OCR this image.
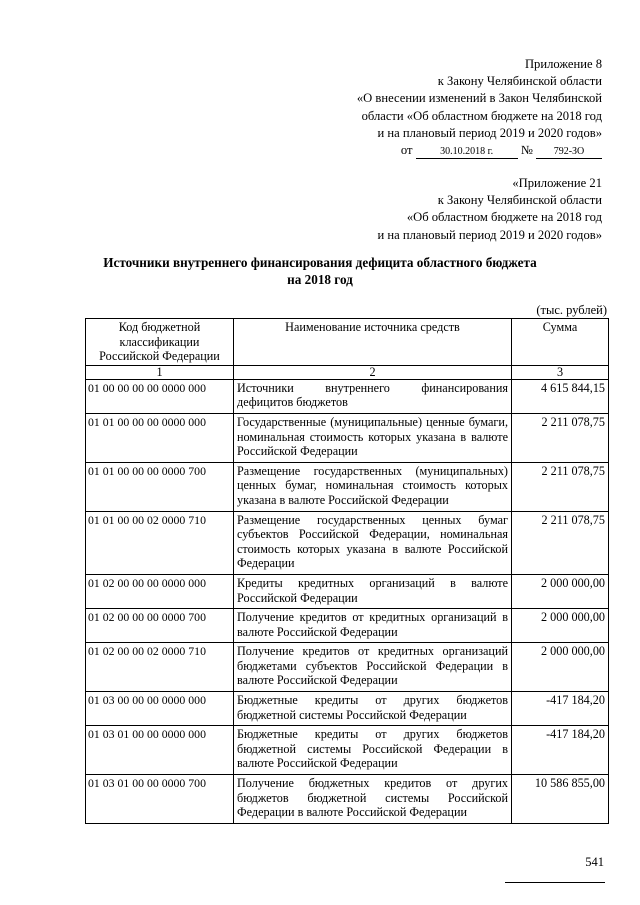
Приложение 8
к Закону Челябинской области
«О внесении изменений в Закон Челябинской
области «Об областном бюджете на 2018 год
и на плановый период 2019 и 2020 годов»
от	30.10.2018 г. № 792-ЗО
«Приложение 21
к Закону Челябинской области
«Об областном бюджете на 2018 год
и на плановый период 2019 и 2020 годов»
Источники внутреннего финансирования дефицита областного бюджета
на 2018 год
(тыс. рублей)
Код бюджетной классификации Российской Федерации	Наименование источника средств	Сумма
1	2	3
01 00 00 00 00 0000 000	Источники внутреннего финансирования дефицитов бюджетов	4 615 844,15
01 01 00 00 00 0000 000	Государственные (муниципальные) ценные бумаги, номинальная стоимость которых указана в валюте Российской Федерации	2 211 078,75
01 01 00 00 00 0000 700	Размещение государственных (муниципальных) ценных бумаг, номинальная стоимость которых указана в валюте Российской Федерации	2 211 078,75
01 01 00 00 02 0000 710	Размещение государственных ценных бумаг субъектов Российской Федерации, номинальная стоимость которых указана в валюте Российской Федерации	2 211 078,75
01 02 00 00 00 0000 000	Кредиты кредитных организаций в валюте Российской Федерации	2 000 000,00
01 02 00 00 00 0000 700	Получение кредитов от кредитных организаций в валюте Российской Федерации	2 000 000,00
01 02 00 00 02 0000 710	Получение кредитов от кредитных организаций бюджетами субъектов Российской Федерации в валюте Российской Федерации	2 000 000,00
01 03 00 00 00 0000 000	Бюджетные кредиты от других бюджетов бюджетной системы Российской Федерации	-417 184,20
01 03 01 00 00 0000 000	Бюджетные кредиты от других бюджетов бюджетной системы Российской Федерации в валюте Российской Федерации	-417 184,20
01 03 01 00 00 0000 700	Получение бюджетных кредитов от других бюджетов бюджетной системы Российской Федерации в валюте Российской Федерации	10 586 855,00
541
